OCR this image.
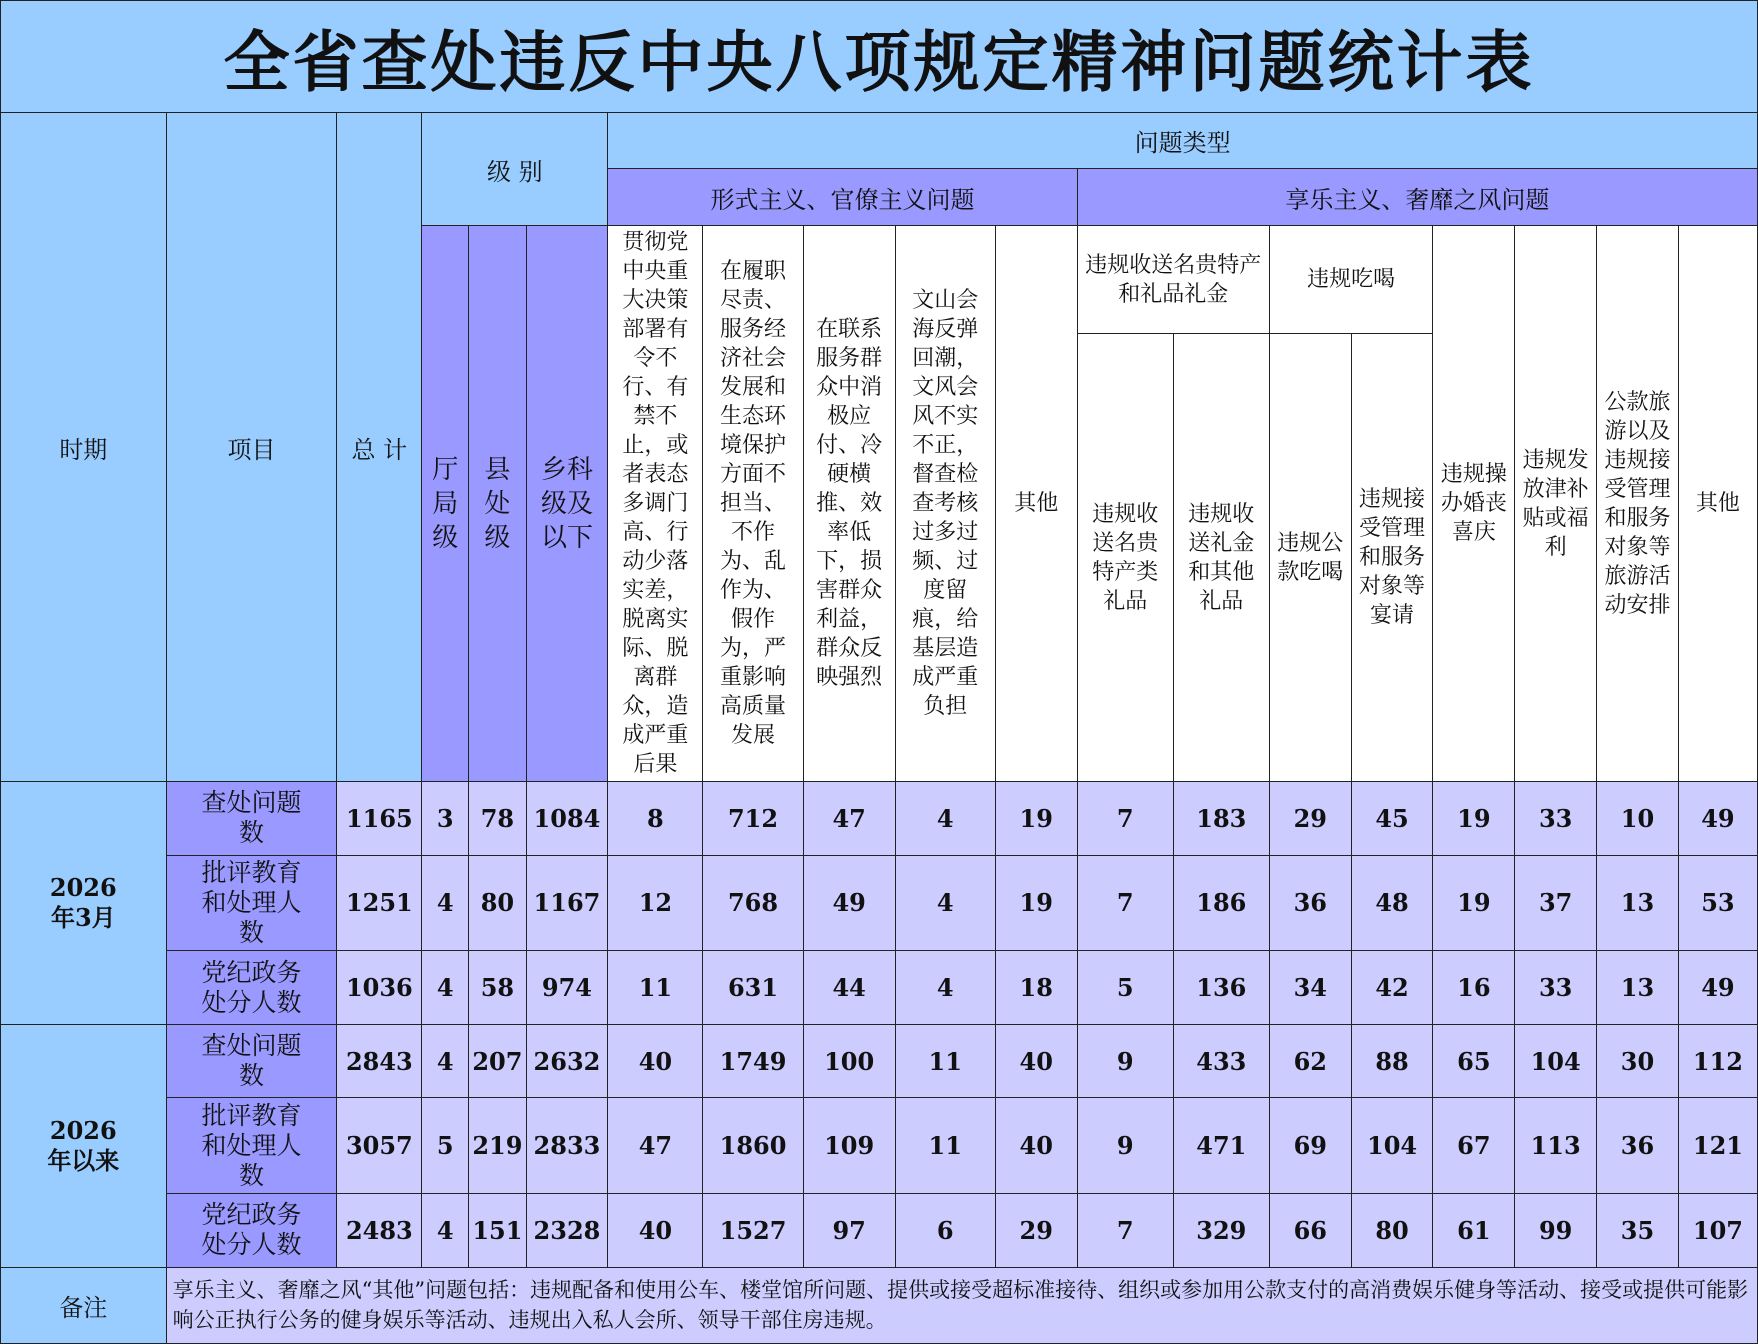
全省查处违反中央八项规定精神问题统计表																		
时期	项目	总 计	级 别			问题类型												
						形式主义、官僚主义问题					享乐主义、奢靡之风问题							
			厅局级	县处级	乡科级及以下	贯彻党中央重大决策部署有令不行、有禁不止，或者表态多调门高、行动少落实差，脱离实际、脱离群众，造成严重后果	在履职尽责、服务经济社会发展和生态环境保护方面不担当、不作为、乱作为、假作为，严重影响高质量发展	在联系服务群众中消极应付、冷硬横推、效率低下，损害群众利益，群众反映强烈	文山会海反弹回潮，文风会风不实不正，督查检查考核过多过频、过度留痕，给基层造成严重负担	其他	违规收送名贵特产和礼品礼金		违规吃喝		违规操办婚丧喜庆	违规发放津补贴或福利	公款旅游以及违规接受管理和服务对象等旅游活动安排	其他
											违规收送名贵特产类礼品	违规收送礼金和其他礼品	违规公款吃喝	违规接受管理和服务对象等宴请				
2026年3月	查处问题数	1165	3	78	1084	8	712	47	4	19	7	183	29	45	19	33	10	49
	批评教育和处理人数	1251	4	80	1167	12	768	49	4	19	7	186	36	48	19	37	13	53
	党纪政务处分人数	1036	4	58	974	11	631	44	4	18	5	136	34	42	16	33	13	49
2026年以来	查处问题数	2843	4	207	2632	40	1749	100	11	40	9	433	62	88	65	104	30	112
	批评教育和处理人数	3057	5	219	2833	47	1860	109	11	40	9	471	69	104	67	113	36	121
	党纪政务处分人数	2483	4	151	2328	40	1527	97	6	29	7	329	66	80	61	99	35	107
备注	享乐主义、奢靡之风“其他”问题包括：违规配备和使用公车、楼堂馆所问题、提供或接受超标准接待、组织或参加用公款支付的高消费娱乐健身等活动、接受或提供可能影响公正执行公务的健身娱乐等活动、违规出入私人会所、领导干部住房违规。																	
